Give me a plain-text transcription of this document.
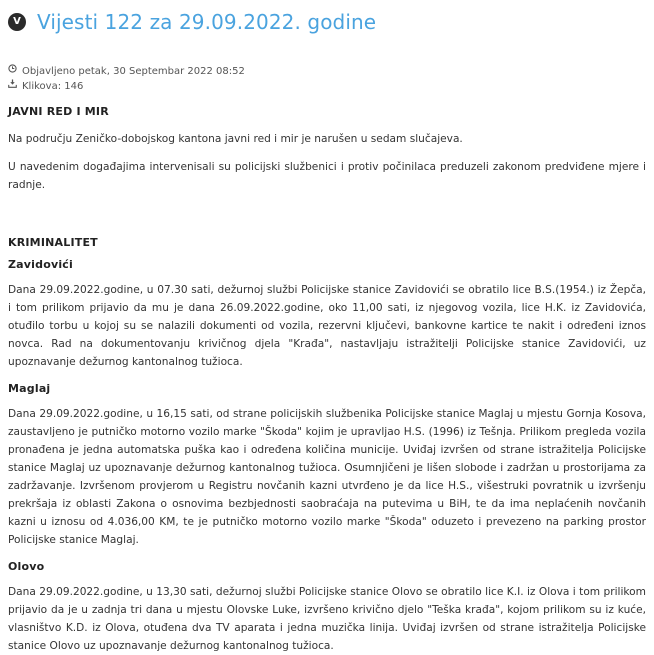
V Vijesti 122 za 29.09.2022. godine
Objavljeno petak, 30 Septembar 2022 08:52
Klikova: 146
JAVNI RED I MIR

Na području Zeničko-dobojskog kantona javni red i mir je narušen u sedam slučajeva.

U navedenim događajima intervenisali su policijski službenici i protiv počinilaca preduzeli zakonom predviđene mjere i radnje.

KRIMINALITET
Zavidovići

Dana 29.09.2022.godine, u 07.30 sati, dežurnoj službi Policijske stanice Zavidovići se obratilo lice B.S.(1954.) iz Žepča, i tom prilikom prijavio da mu je dana 26.09.2022.godine, oko 11,00 sati, iz njegovog vozila, lice H.K. iz Zavidovića, otuđilo torbu u kojoj su se nalazili dokumenti od vozila, rezervni ključevi, bankovne kartice te nakit i određeni iznos novca. Rad na dokumentovanju krivičnog djela "Krađa", nastavljaju istražitelji Policijske stanice Zavidovići, uz upoznavanje dežurnog kantonalnog tužioca.

Maglaj

Dana 29.09.2022.godine, u 16,15 sati, od strane policijskih službenika Policijske stanice Maglaj u mjestu Gornja Kosova, zaustavljeno je putničko motorno vozilo marke "Škoda" kojim je upravljao H.S. (1996) iz Tešnja. Prilikom pregleda vozila pronađena je jedna automatska puška kao i određena količina municije. Uviđaj izvršen od strane istražitelja Policijske stanice Maglaj uz upoznavanje dežurnog kantonalnog tužioca. Osumnjičeni je lišen slobode i zadržan u prostorijama za zadržavanje. Izvršenom provjerom u Registru novčanih kazni utvrđeno je da lice H.S., višestruki povratnik u izvršenju prekršaja iz oblasti Zakona o osnovima bezbjednosti saobraćaja na putevima u BiH, te da ima neplaćenih novčanih kazni u iznosu od 4.036,00 KM, te je putničko motorno vozilo marke "Škoda" oduzeto i prevezeno na parking prostor Policijske stanice Maglaj.

Olovo

Dana 29.09.2022.godine, u 13,30 sati, dežurnoj službi Policijske stanice Olovo se obratilo lice K.I. iz Olova i tom prilikom prijavio da je u zadnja tri dana u mjestu Olovske Luke, izvršeno krivično djelo "Teška krađa", kojom prilikom su iz kuće, vlasništvo K.D. iz Olova, otuđena dva TV aparata i jedna muzička linija. Uviđaj izvršen od strane istražitelja Policijske stanice Olovo uz upoznavanje dežurnog kantonalnog tužioca.
